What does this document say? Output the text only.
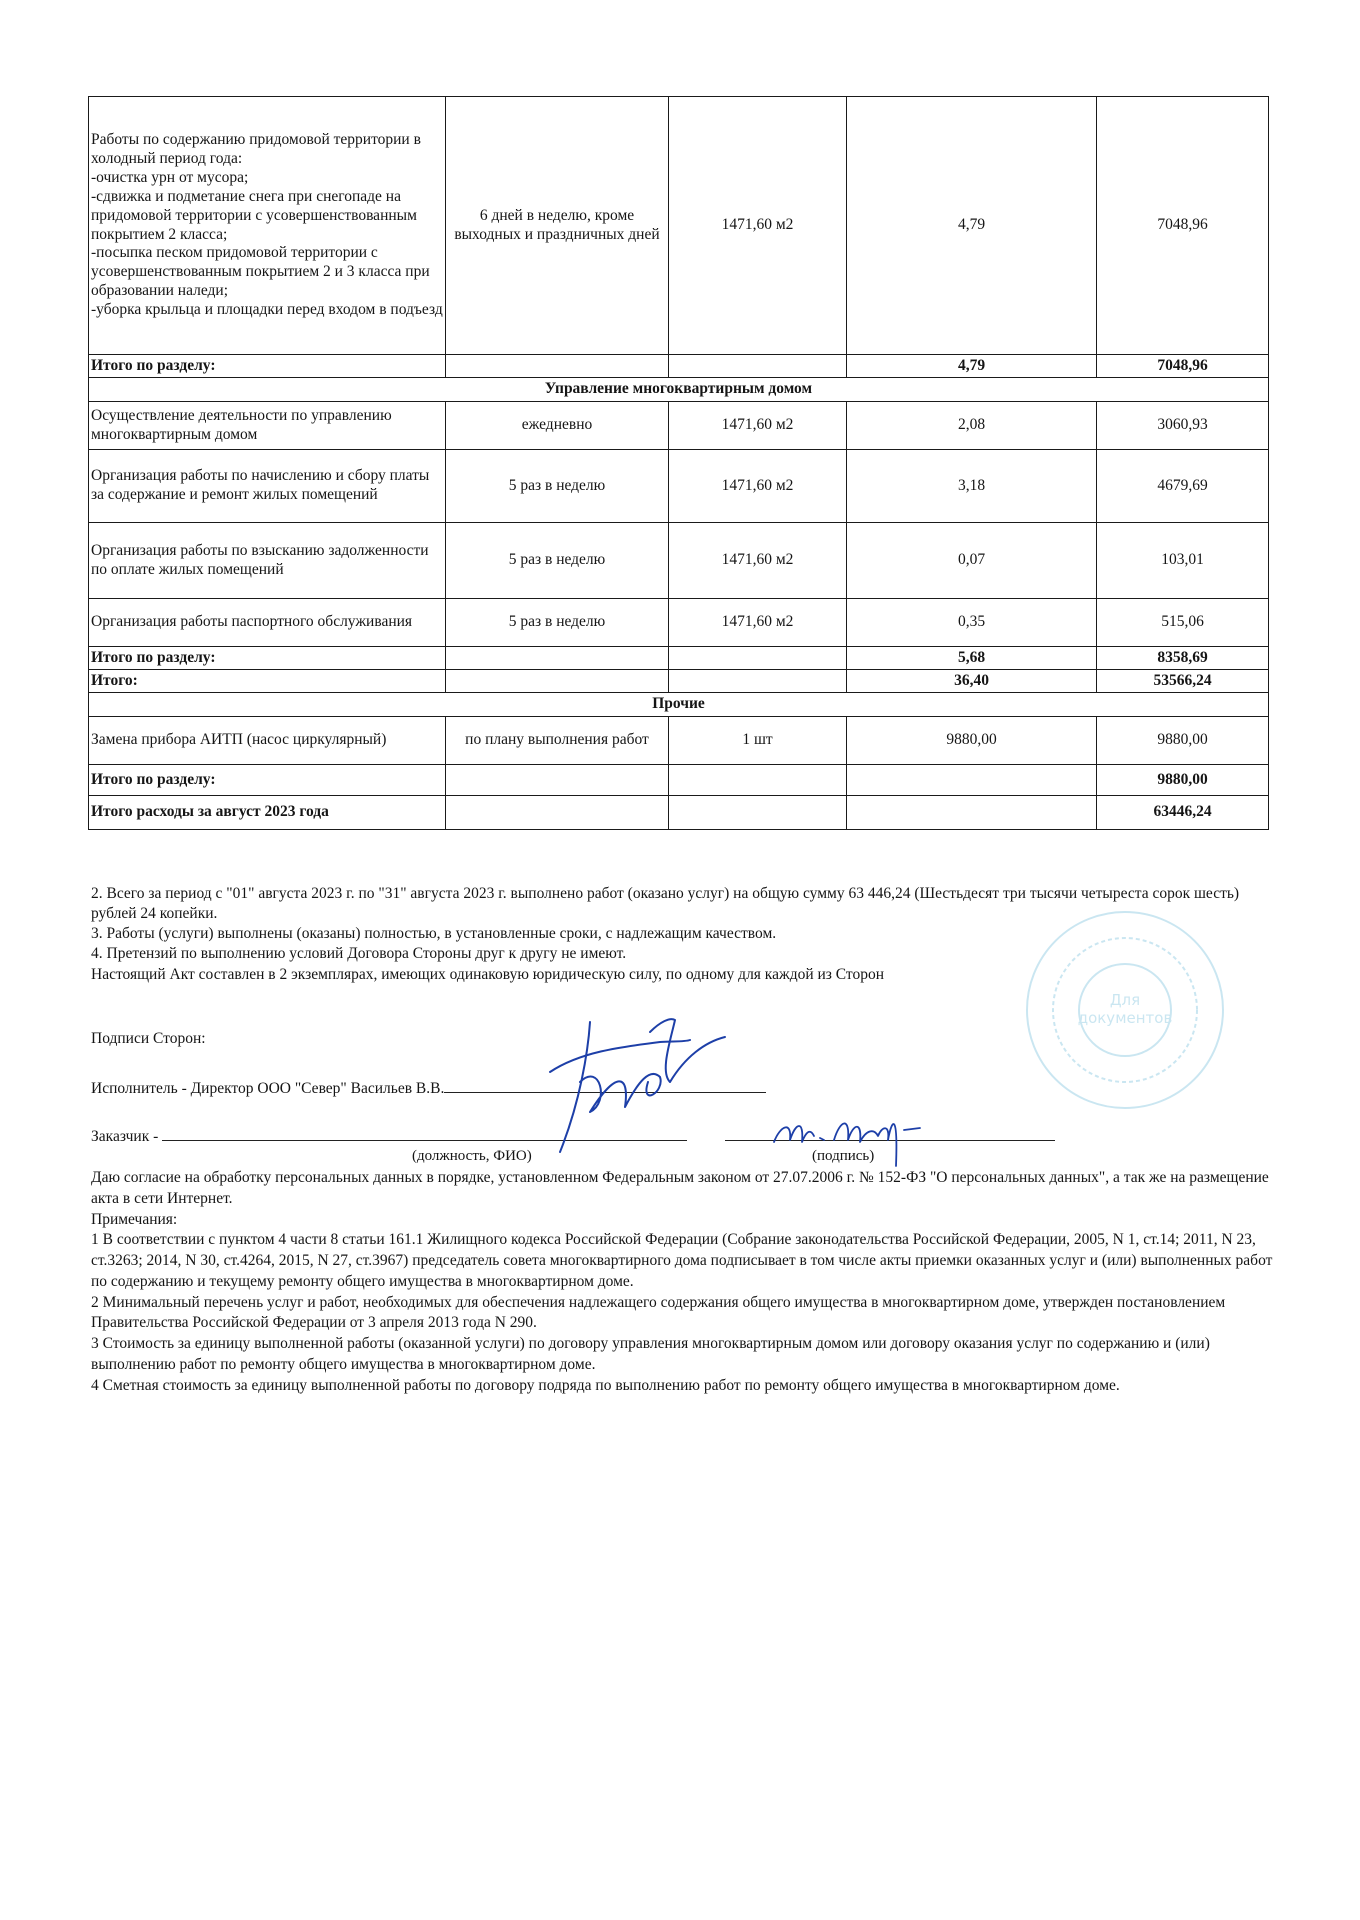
Работы по содержанию придомовой территории в холодный период года:
-очистка урн от мусора;
-сдвижка и подметание снега при снегопаде на придомовой территории с усовершенствованным покрытием 2 класса;
-посыпка песком придомовой территории с усовершенствованным покрытием 2 и 3 класса при образовании наледи;
-уборка крыльца и площадки перед входом в подъезд	6 дней в неделю, кроме выходных и праздничных дней	1471,60 м2	4,79	7048,96
Итого по разделу:			4,79	7048,96
Управление многоквартирным домом				
Осуществление деятельности по управлению многоквартирным домом	ежедневно	1471,60 м2	2,08	3060,93
Организация работы по начислению и сбору платы за содержание и ремонт жилых помещений	5 раз в неделю	1471,60 м2	3,18	4679,69
Организация работы по взысканию задолженности по оплате жилых помещений	5 раз в неделю	1471,60 м2	0,07	103,01
Организация работы паспортного обслуживания	5 раз в неделю	1471,60 м2	0,35	515,06
Итого по разделу:			5,68	8358,69
Итого:			36,40	53566,24
Прочие				
Замена прибора АИТП (насос циркулярный)	по плану выполнения работ	1 шт	9880,00	9880,00
Итого по разделу:				9880,00
Итого расходы за август 2023 года				63446,24

2. Всего за период с "01" августа 2023 г. по "31" августа 2023 г. выполнено работ (оказано услуг) на общую сумму 63 446,24 (Шестьдесят три тысячи четыреста сорок шесть) рублей 24 копейки.

3. Работы (услуги) выполнены (оказаны) полностью, в установленные сроки, с надлежащим качеством.

4. Претензий по выполнению условий Договора Стороны друг к другу не имеют.

Настоящий Акт составлен в 2 экземплярах, имеющих одинаковую юридическую силу, по одному для каждой из Сторон

Подписи Сторон:
Исполнитель - Директор ООО "Север" Васильев В.В.
Заказчик -
(должность, ФИО)	(подпись)

Даю согласие на обработку персональных данных в порядке, установленном Федеральным законом от 27.07.2006 г. № 152-ФЗ "О персональных данных", а так же на размещение акта в сети Интернет.

Примечания:

1 В соответствии с пунктом 4 части 8 статьи 161.1 Жилищного кодекса Российской Федерации (Собрание законодательства Российской Федерации, 2005, N 1, ст.14; 2011, N 23, ст.3263; 2014, N 30, ст.4264, 2015, N 27, ст.3967) председатель совета многоквартирного дома подписывает в том числе акты приемки оказанных услуг и (или) выполненных работ по содержанию и текущему ремонту общего имущества в многоквартирном доме.

2 Минимальный перечень услуг и работ, необходимых для обеспечения надлежащего содержания общего имущества в многоквартирном доме, утвержден постановлением Правительства Российской Федерации от 3 апреля 2013 года N 290.

3 Стоимость за единицу выполненной работы (оказанной услуги) по договору управления многоквартирным домом или договору оказания услуг по содержанию и (или) выполнению работ по ремонту общего имущества в многоквартирном доме.

4 Сметная стоимость за единицу выполненной работы по договору подряда по выполнению работ по ремонту общего имущества в многоквартирном доме.

Для документов
